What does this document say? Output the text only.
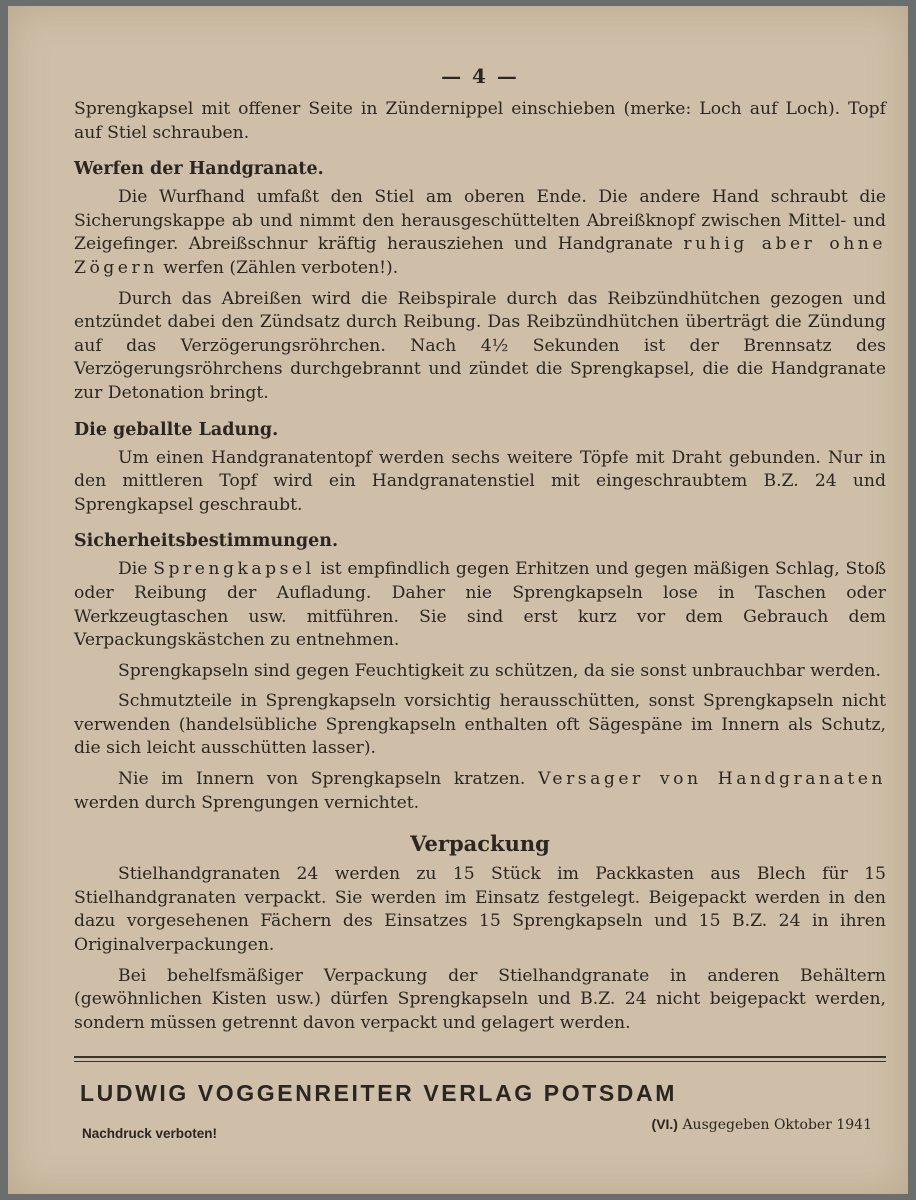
— 4 —

Sprengkapsel mit offener Seite in Zündernippel einschieben (merke: Loch auf Loch). Topf auf Stiel schrauben.

Werfen der Handgranate.

Die Wurfhand umfaßt den Stiel am oberen Ende. Die andere Hand schraubt die Sicherungskappe ab und nimmt den herausgeschüttelten Abreißknopf zwischen Mittel- und Zeigefinger. Abreißschnur kräftig herausziehen und Handgranate ruhig aber ohne Zögern werfen (Zählen verboten!).

Durch das Abreißen wird die Reibspirale durch das Reibzündhütchen gezogen und entzündet dabei den Zündsatz durch Reibung. Das Reibzündhütchen überträgt die Zündung auf das Verzögerungsröhrchen. Nach 4½ Sekunden ist der Brennsatz des Verzögerungsröhrchens durchgebrannt und zündet die Sprengkapsel, die die Handgranate zur Detonation bringt.

Die geballte Ladung.

Um einen Handgranatentopf werden sechs weitere Töpfe mit Draht gebunden. Nur in den mittleren Topf wird ein Handgranatenstiel mit eingeschraubtem B.Z. 24 und Sprengkapsel geschraubt.

Sicherheitsbestimmungen.

Die Sprengkapsel ist empfindlich gegen Erhitzen und gegen mäßigen Schlag, Stoß oder Reibung der Aufladung. Daher nie Sprengkapseln lose in Taschen oder Werkzeugtaschen usw. mitführen. Sie sind erst kurz vor dem Gebrauch dem Verpackungskästchen zu entnehmen.

Sprengkapseln sind gegen Feuchtigkeit zu schützen, da sie sonst unbrauchbar werden.

Schmutzteile in Sprengkapseln vorsichtig herausschütten, sonst Sprengkapseln nicht verwenden (handelsübliche Sprengkapseln enthalten oft Sägespäne im Innern als Schutz, die sich leicht ausschütten lasser).

Nie im Innern von Sprengkapseln kratzen. Versager von Handgranaten werden durch Sprengungen vernichtet.

Verpackung

Stielhandgranaten 24 werden zu 15 Stück im Packkasten aus Blech für 15 Stielhandgranaten verpackt. Sie werden im Einsatz festgelegt. Beigepackt werden in den dazu vorgesehenen Fächern des Einsatzes 15 Sprengkapseln und 15 B.Z. 24 in ihren Originalverpackungen.

Bei behelfsmäßiger Verpackung der Stielhandgranate in anderen Behältern (gewöhnlichen Kisten usw.) dürfen Sprengkapseln und B.Z. 24 nicht beigepackt werden, sondern müssen getrennt davon verpackt und gelagert werden.

LUDWIG VOGGENREITER VERLAG POTSDAM
Nachdruck verboten!
(VI.) Ausgegeben Oktober 1941
